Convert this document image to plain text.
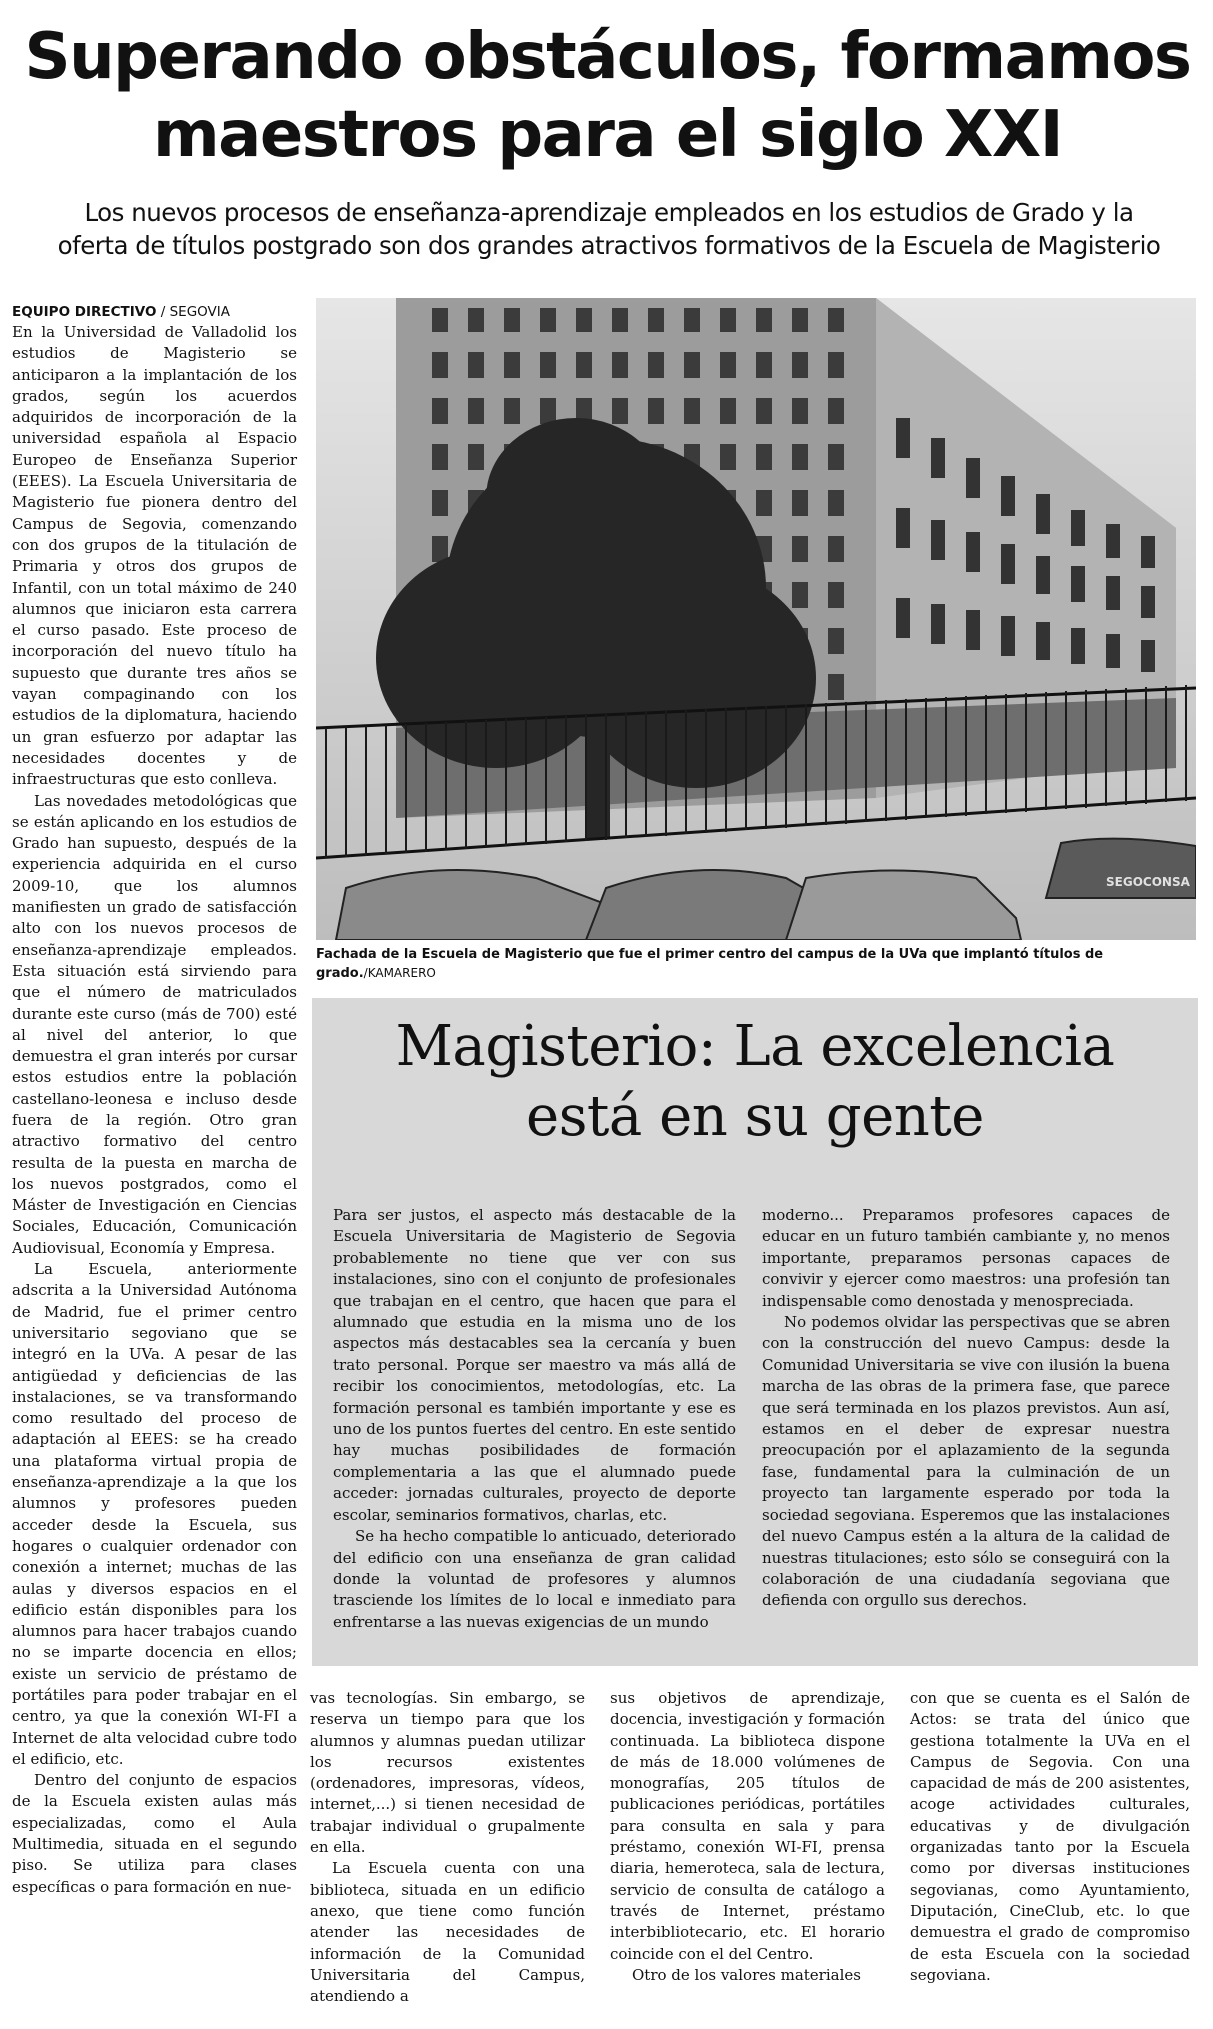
Superando obstáculos, formamos
maestros para el siglo XXI

Los nuevos procesos de enseñanza-aprendizaje empleados en los estudios de Grado y la
oferta de títulos postgrado son dos grandes atractivos formativos de la Escuela de Magisterio

EQUIPO DIRECTIVO / SEGOVIA

En la Universidad de Valladolid los estudios de Magisterio se anticiparon a la implantación de los grados, según los acuerdos adquiridos de incorporación de la universidad española al Espacio Europeo de Enseñanza Superior (EEES). La Escuela Universitaria de Magisterio fue pionera dentro del Campus de Segovia, comenzando con dos grupos de la titulación de Primaria y otros dos grupos de Infantil, con un total máximo de 240 alumnos que iniciaron esta carrera el curso pasado. Este proceso de incorporación del nuevo título ha supuesto que durante tres años se vayan compaginando con los estudios de la diplomatura, haciendo un gran esfuerzo por adaptar las necesidades docentes y de infraestructuras que esto conlleva.

Las novedades metodológicas que se están aplicando en los estudios de Grado han supuesto, después de la experiencia adquirida en el curso 2009-10, que los alumnos manifiesten un grado de satisfacción alto con los nuevos procesos de enseñanza-aprendizaje empleados. Esta situación está sirviendo para que el número de matriculados durante este curso (más de 700) esté al nivel del anterior, lo que demuestra el gran interés por cursar estos estudios entre la población castellano-leonesa e incluso desde fuera de la región. Otro gran atractivo formativo del centro resulta de la puesta en marcha de los nuevos postgrados, como el Máster de Investigación en Ciencias Sociales, Educación, Comunicación Audiovisual, Economía y Empresa.

La Escuela, anteriormente adscrita a la Universidad Autónoma de Madrid, fue el primer centro universitario segoviano que se integró en la UVa. A pesar de las antigüedad y deficiencias de las instalaciones, se va transformando como resultado del proceso de adaptación al EEES: se ha creado una plataforma virtual propia de enseñanza-aprendizaje a la que los alumnos y profesores pueden acceder desde la Escuela, sus hogares o cualquier ordenador con conexión a internet; muchas de las aulas y diversos espacios en el edificio están disponibles para los alumnos para hacer trabajos cuando no se imparte docencia en ellos; existe un servicio de préstamo de portátiles para poder trabajar en el centro, ya que la conexión WI-FI a Internet de alta velocidad cubre todo el edificio, etc.

Dentro del conjunto de espacios de la Escuela existen aulas más especializadas, como el Aula Multimedia, situada en el segundo piso. Se utiliza para clases específicas o para formación en nue-

SEGOCONSA
Fachada de la Escuela de Magisterio que fue el primer centro del campus de la UVa que implantó títulos de grado./KAMARERO
Magisterio: La excelencia
está en su gente

Para ser justos, el aspecto más destacable de la Escuela Universitaria de Magisterio de Segovia probablemente no tiene que ver con sus instalaciones, sino con el conjunto de profesionales que trabajan en el centro, que hacen que para el alumnado que estudia en la misma uno de los aspectos más destacables sea la cercanía y buen trato personal. Porque ser maestro va más allá de recibir los conocimientos, metodologías, etc. La formación personal es también importante y ese es uno de los puntos fuertes del centro. En este sentido hay muchas posibilidades de formación complementaria a las que el alumnado puede acceder: jornadas culturales, proyecto de deporte escolar, seminarios formativos, charlas, etc.

Se ha hecho compatible lo anticuado, deteriorado del edificio con una enseñanza de gran calidad donde la voluntad de profesores y alumnos trasciende los límites de lo local e inmediato para enfrentarse a las nuevas exigencias de un mundo

moderno... Preparamos profesores capaces de educar en un futuro también cambiante y, no menos importante, preparamos personas capaces de convivir y ejercer como maestros: una profesión tan indispensable como denostada y menospreciada.

No podemos olvidar las perspectivas que se abren con la construcción del nuevo Campus: desde la Comunidad Universitaria se vive con ilusión la buena marcha de las obras de la primera fase, que parece que será terminada en los plazos previstos. Aun así, estamos en el deber de expresar nuestra preocupación por el aplazamiento de la segunda fase, fundamental para la culminación de un proyecto tan largamente esperado por toda la sociedad segoviana. Esperemos que las instalaciones del nuevo Campus estén a la altura de la calidad de nuestras titulaciones; esto sólo se conseguirá con la colaboración de una ciudadanía segoviana que defienda con orgullo sus derechos.

vas tecnologías. Sin embargo, se reserva un tiempo para que los alumnos y alumnas puedan utilizar los recursos existentes (ordenadores, impresoras, vídeos, internet,...) si tienen necesidad de trabajar individual o grupalmente en ella.

La Escuela cuenta con una biblioteca, situada en un edificio anexo, que tiene como función atender las necesidades de información de la Comunidad Universitaria del Campus, atendiendo a

sus objetivos de aprendizaje, docencia, investigación y formación continuada. La biblioteca dispone de más de 18.000 volúmenes de monografías, 205 títulos de publicaciones periódicas, portátiles para consulta en sala y para préstamo, conexión WI-FI, prensa diaria, hemeroteca, sala de lectura, servicio de consulta de catálogo a través de Internet, préstamo interbibliotecario, etc. El horario coincide con el del Centro.

Otro de los valores materiales

con que se cuenta es el Salón de Actos: se trata del único que gestiona totalmente la UVa en el Campus de Segovia. Con una capacidad de más de 200 asistentes, acoge actividades culturales, educativas y de divulgación organizadas tanto por la Escuela como por diversas instituciones segovianas, como Ayuntamiento, Diputación, CineClub, etc. lo que demuestra el grado de compromiso de esta Escuela con la sociedad segoviana.
